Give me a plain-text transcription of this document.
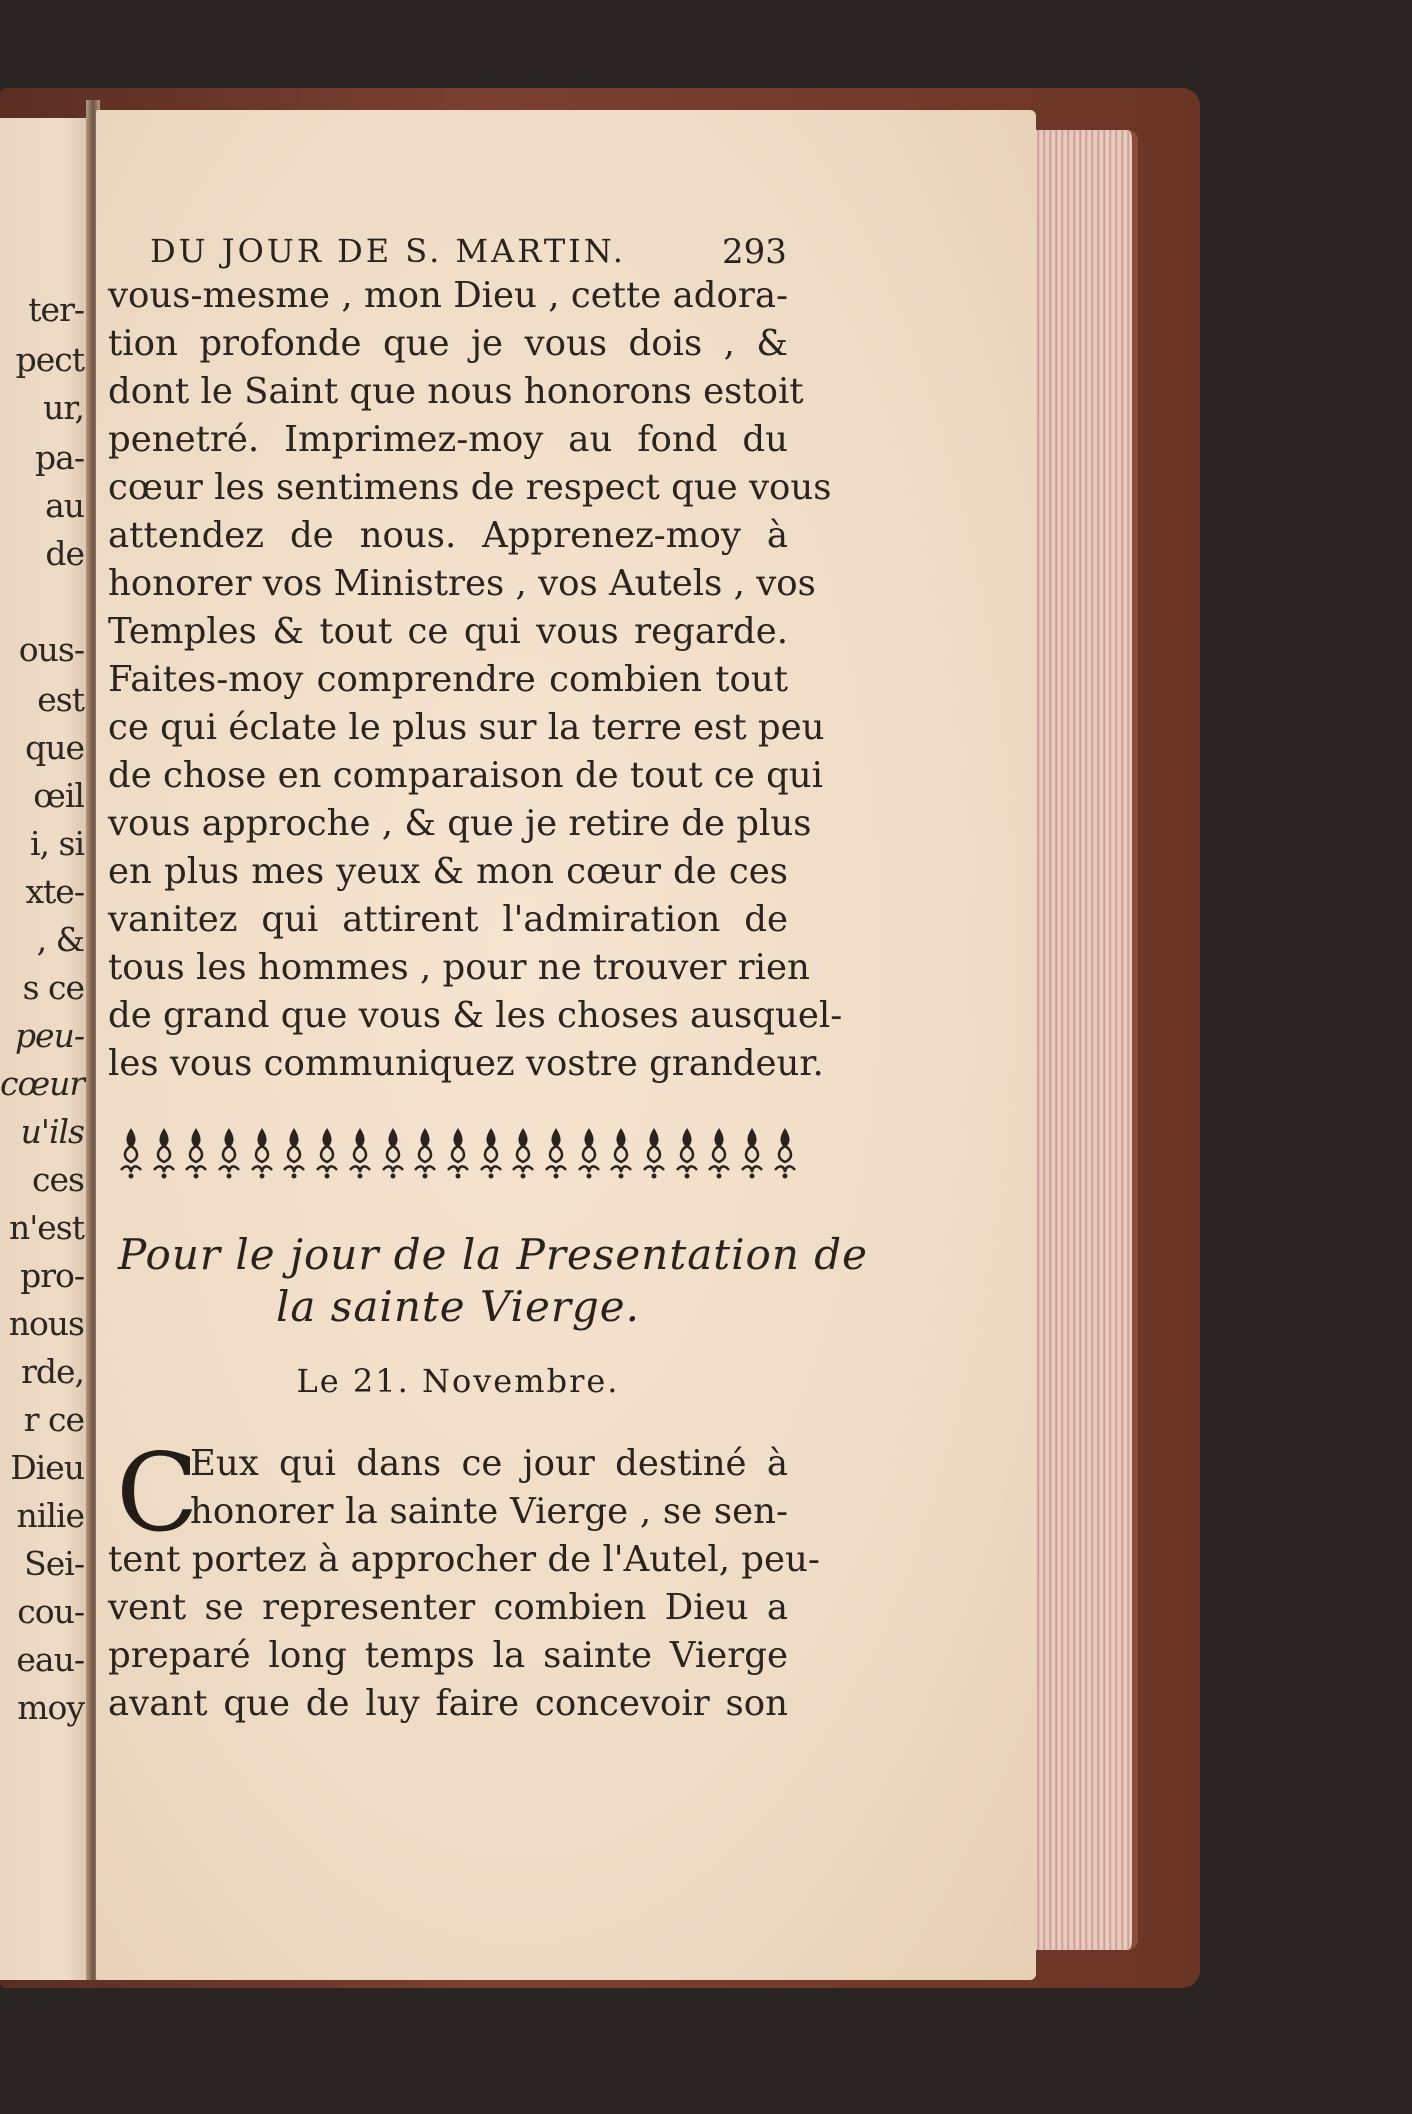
ter-
pect
ur,
pa-
au
de
ous-
est
que
œil
i, si
xte-
, &
s ce
peu-
cœur
u'ils
ces
n'est
pro-
nous
rde,
r ce
Dieu
nilie
Sei-
cou-
eau-
moy
DU JOUR DE S. MARTIN.	293
vous-mesme , mon Dieu , cette adora-
tion profonde que je vous dois , &
dont le Saint que nous honorons estoit
penetré. Imprimez-moy au fond du
cœur les sentimens de respect que vous
attendez de nous. Apprenez-moy à
honorer vos Ministres , vos Autels , vos
Temples & tout ce qui vous regarde.
Faites-moy comprendre combien tout
ce qui éclate le plus sur la terre est peu
de chose en comparaison de tout ce qui
vous approche , & que je retire de plus
en plus mes yeux & mon cœur de ces
vanitez qui attirent l'admiration de
tous les hommes , pour ne trouver rien
de grand que vous & les choses ausquel-
les vous communiquez vostre grandeur.
Pour le jour de la Presentation de
la sainte Vierge.
Le 21. Novembre.
C
Eux qui dans ce jour destiné à
honorer la sainte Vierge , se sen-
tent portez à approcher de l'Autel, peu-
vent se representer combien Dieu a
preparé long temps la sainte Vierge
avant que de luy faire concevoir son
